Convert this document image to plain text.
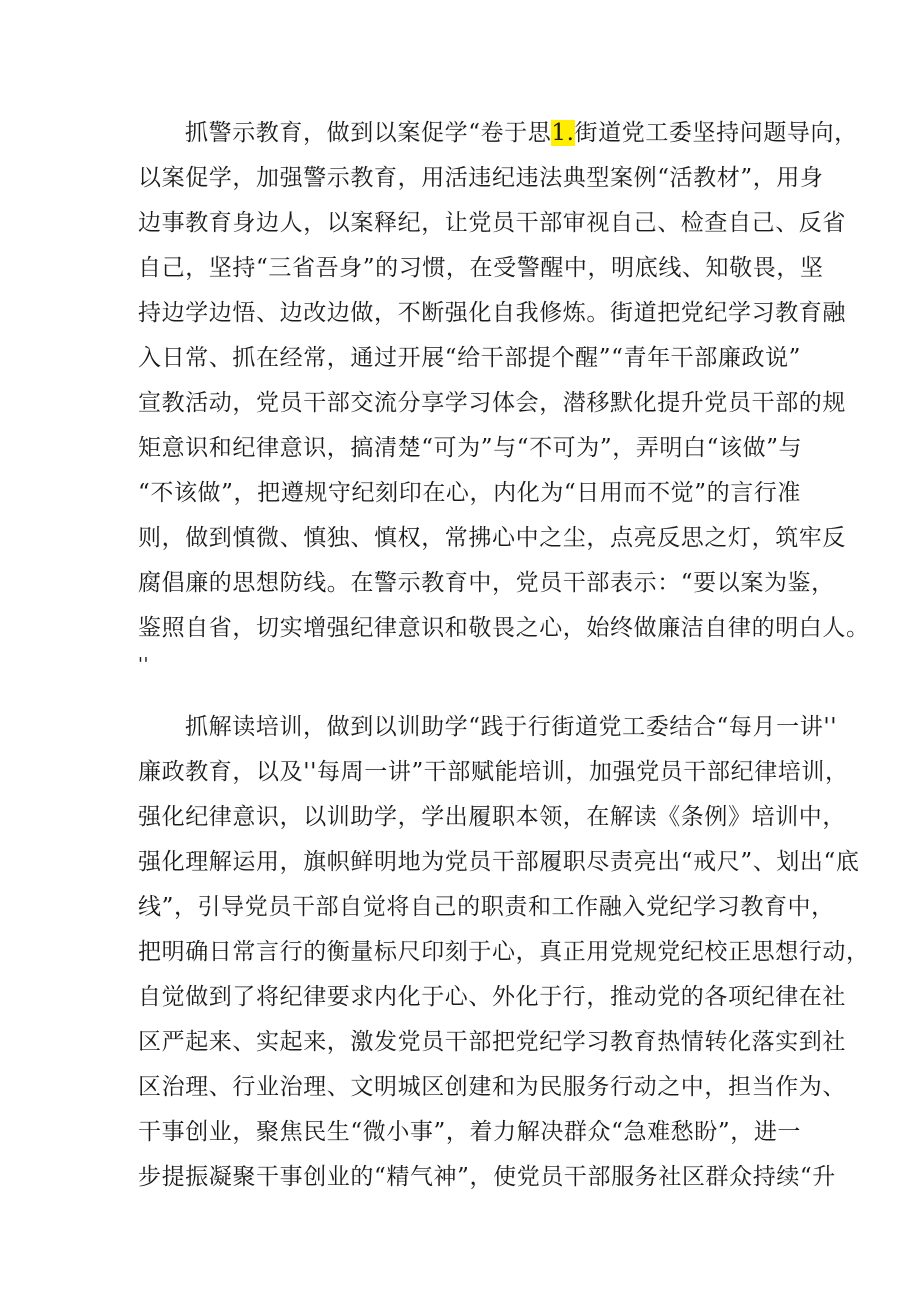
抓警示教育，做到以案促学“卷于思1.街道党工委坚持问题导向，
以案促学，加强警示教育，用活违纪违法典型案例“活教材”，用身
边事教育身边人，以案释纪，让党员干部审视自己、检查自己、反省
自己，坚持“三省吾身”的习惯，在受警醒中，明底线、知敬畏，坚
持边学边悟、边改边做，不断强化自我修炼。街道把党纪学习教育融
入日常、抓在经常，通过开展“给干部提个醒”“青年干部廉政说”
宣教活动，党员干部交流分享学习体会，潜移默化提升党员干部的规
矩意识和纪律意识，搞清楚“可为”与“不可为”，弄明白“该做”与
“不该做”，把遵规守纪刻印在心，内化为“日用而不觉”的言行准
则，做到慎微、慎独、慎权，常拂心中之尘，点亮反思之灯，筑牢反
腐倡廉的思想防线。在警示教育中，党员干部表示：“要以案为鉴，
鉴照自省，切实增强纪律意识和敬畏之心，始终做廉洁自律的明白人。
''
抓解读培训，做到以训助学“践于行街道党工委结合“每月一讲''
廉政教育，以及''每周一讲”干部赋能培训，加强党员干部纪律培训，
强化纪律意识，以训助学，学出履职本领，在解读《条例》培训中，
强化理解运用，旗帜鲜明地为党员干部履职尽责亮出“戒尺”、划出“底
线”，引导党员干部自觉将自己的职责和工作融入党纪学习教育中，
把明确日常言行的衡量标尺印刻于心，真正用党规党纪校正思想行动，
自觉做到了将纪律要求内化于心、外化于行，推动党的各项纪律在社
区严起来、实起来，激发党员干部把党纪学习教育热情转化落实到社
区治理、行业治理、文明城区创建和为民服务行动之中，担当作为、
干事创业，聚焦民生“微小事”，着力解决群众“急难愁盼”，进一
步提振凝聚干事创业的“精气神”，使党员干部服务社区群众持续“升
